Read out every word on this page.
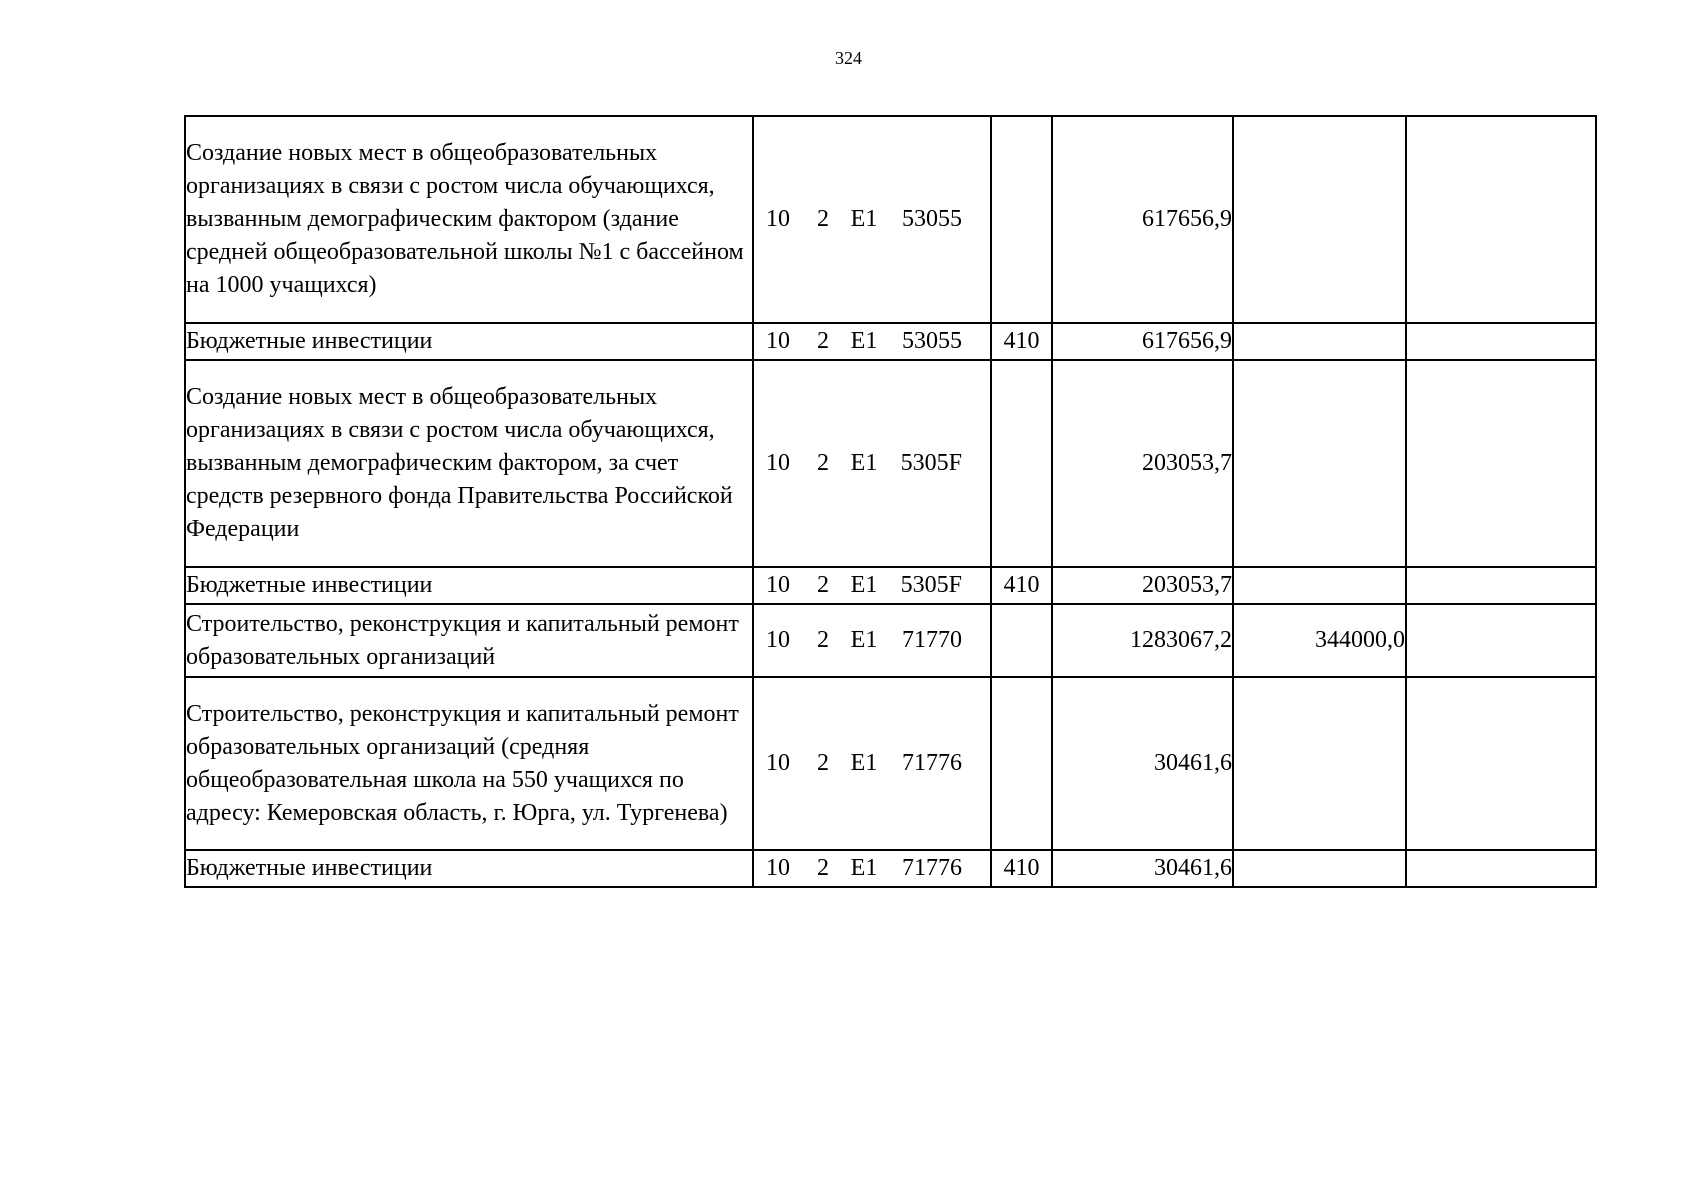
324
Создание новых мест в общеобразовательных организациях в связи с ростом числа обучающихся, вызванным демографическим фактором (здание средней общеобразовательной школы №1 с бассейном на 1000 учащихся)	10 2 Е1 53055		617656,9		
Бюджетные инвестиции	10 2 Е1 53055	410	617656,9		
Создание новых мест в общеобразовательных организациях в связи с ростом числа обучающихся, вызванным демографическим фактором, за счет средств резервного фонда Правительства Российской Федерации	10 2 Е1 5305F		203053,7		
Бюджетные инвестиции	10 2 Е1 5305F	410	203053,7		
Строительство, реконструкция и капитальный ремонт образовательных организаций	10 2 Е1 71770		1283067,2	344000,0	
Строительство, реконструкция и капитальный ремонт образовательных организаций (средняя общеобразовательная школа на 550 учащихся по адресу: Кемеровская область, г. Юрга, ул. Тургенева)	10 2 Е1 71776		30461,6		
Бюджетные инвестиции	10 2 Е1 71776	410	30461,6		
